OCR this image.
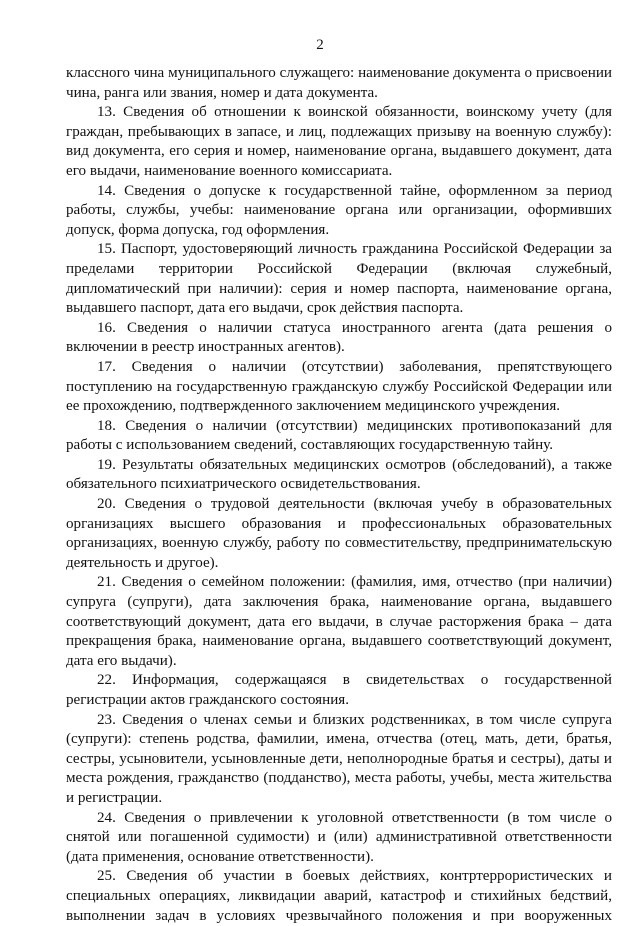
2

классного чина муниципального служащего: наименование документа о присвоении чина, ранга или звания, номер и дата документа.

13. Сведения об отношении к воинской обязанности, воинскому учету (для граждан, пребывающих в запасе, и лиц, подлежащих призыву на военную службу): вид документа, его серия и номер, наименование органа, выдавшего документ, дата его выдачи, наименование военного комиссариата.

14. Сведения о допуске к государственной тайне, оформленном за период работы, службы, учебы: наименование органа или организации, оформивших допуск, форма допуска, год оформления.

15. Паспорт, удостоверяющий личность гражданина Российской Федерации за пределами территории Российской Федерации (включая служебный, дипломатический при наличии): серия и номер паспорта, наименование органа, выдавшего паспорт, дата его выдачи, срок действия паспорта.

16. Сведения о наличии статуса иностранного агента (дата решения о включении в реестр иностранных агентов).

17. Сведения о наличии (отсутствии) заболевания, препятствующего поступлению на государственную гражданскую службу Российской Федерации или ее прохождению, подтвержденного заключением медицинского учреждения.

18. Сведения о наличии (отсутствии) медицинских противопоказаний для работы с использованием сведений, составляющих государственную тайну.

19. Результаты обязательных медицинских осмотров (обследований), а также обязательного психиатрического освидетельствования.

20. Сведения о трудовой деятельности (включая учебу в образовательных организациях высшего образования и профессиональных образовательных организациях, военную службу, работу по совместительству, предпринимательскую деятельность и другое).

21. Сведения о семейном положении: (фамилия, имя, отчество (при наличии) супруга (супруги), дата заключения брака, наименование органа, выдавшего соответствующий документ, дата его выдачи, в случае расторжения брака – дата прекращения брака, наименование органа, выдавшего соответствующий документ, дата его выдачи).

22. Информация, содержащаяся в свидетельствах о государственной регистрации актов гражданского состояния.

23. Сведения о членах семьи и близких родственниках, в том числе супруга (супруги): степень родства, фамилии, имена, отчества (отец, мать, дети, братья, сестры, усыновители, усыновленные дети, неполнородные братья и сестры), даты и места рождения, гражданство (подданство), места работы, учебы, места жительства и регистрации.

24. Сведения о привлечении к уголовной ответственности (в том числе о снятой или погашенной судимости) и (или) административной ответственности (дата применения, основание ответственности).

25. Сведения об участии в боевых действиях, контртеррористических и специальных операциях, ликвидации аварий, катастроф и стихийных бедствий, выполнении задач в условиях чрезвычайного положения и при вооруженных
